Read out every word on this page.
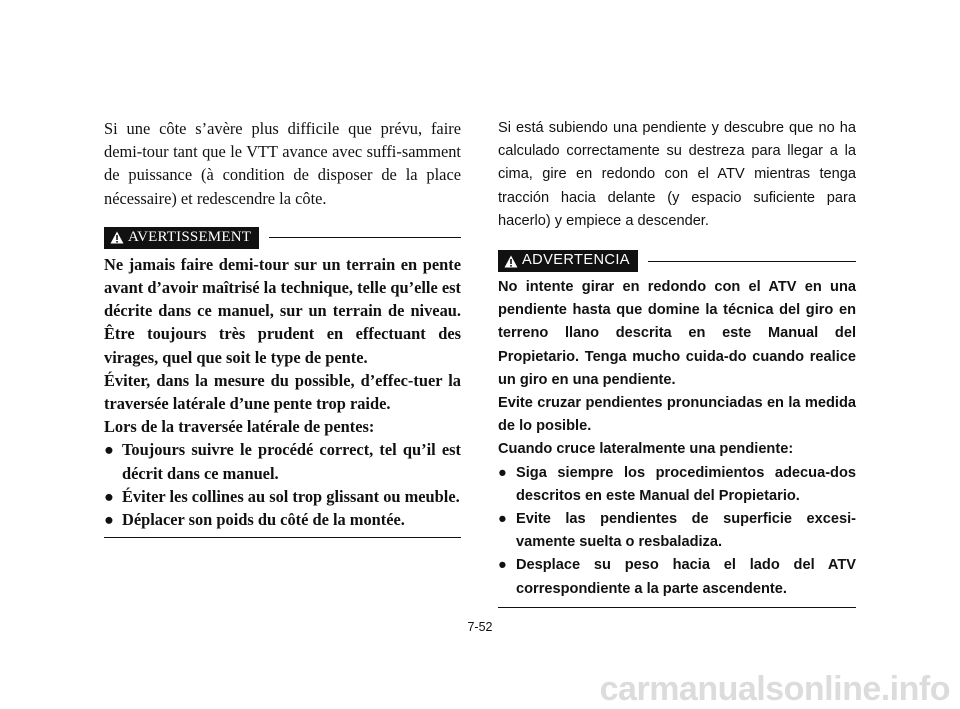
Si une côte s’avère plus difficile que prévu, faire demi-tour tant que le VTT avance avec suffi-samment de puissance (à condition de disposer de la place nécessaire) et redescendre la côte.

AVERTISSEMENT

Ne jamais faire demi-tour sur un terrain en pente avant d’avoir maîtrisé la technique, telle qu’elle est décrite dans ce manuel, sur un terrain de niveau. Être toujours très prudent en effectuant des virages, quel que soit le type de pente.

Éviter, dans la mesure du possible, d’effec-tuer la traversée latérale d’une pente trop raide.

Lors de la traversée latérale de pentes:

● Toujours suivre le procédé correct, tel qu’il est décrit dans ce manuel.
● Éviter les collines au sol trop glissant ou meuble.
● Déplacer son poids du côté de la montée.

Si está subiendo una pendiente y descubre que no ha calculado correctamente su destreza para llegar a la cima, gire en redondo con el ATV mientras tenga tracción hacia delante (y espacio suficiente para hacerlo) y empiece a descender.

ADVERTENCIA

No intente girar en redondo con el ATV en una pendiente hasta que domine la técnica del giro en terreno llano descrita en este Manual del Propietario. Tenga mucho cuida-do cuando realice un giro en una pendiente.

Evite cruzar pendientes pronunciadas en la medida de lo posible.

Cuando cruce lateralmente una pendiente:

● Siga siempre los procedimientos adecua-dos descritos en este Manual del Propietario.
● Evite las pendientes de superficie excesi-vamente suelta o resbaladiza.
● Desplace su peso hacia el lado del ATV correspondiente a la parte ascendente.
7-52
carmanualsonline.info
